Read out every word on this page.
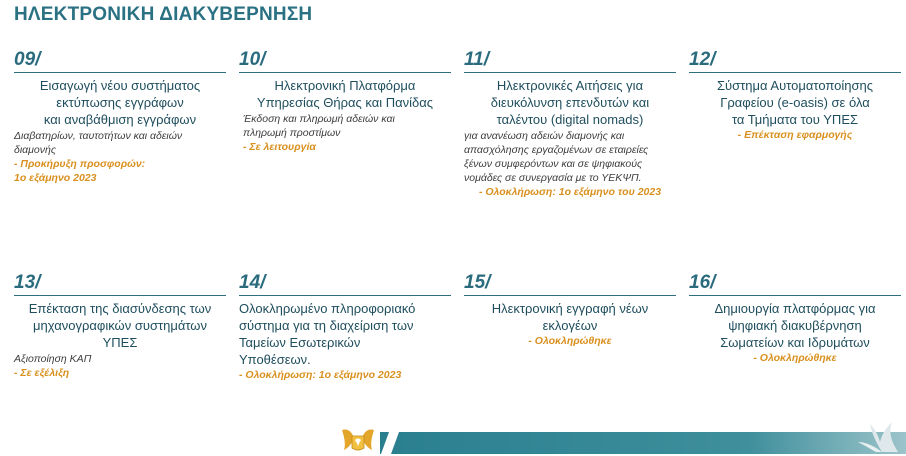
ΗΛΕΚΤΡΟΝΙΚΗ ΔΙΑΚΥΒΕΡΝΗΣΗ
09/
Εισαγωγή νέου συστήματος
εκτύπωσης εγγράφων
και αναβάθμιση εγγράφων
Διαβατηρίων, ταυτοτήτων και αδειών
διαμονής
- Προκήρυξη προσφορών:
1ο εξάμηνο 2023
10/
Ηλεκτρονική Πλατφόρμα
Υπηρεσίας Θήρας και Πανίδας
Έκδοση και πληρωμή αδειών και
πληρωμή προστίμων
- Σε λειτουργία
11/
Ηλεκτρονικές Αιτήσεις για
διευκόλυνση επενδυτών και
ταλέντου (digital nomads)
για ανανέωση αδειών διαμονής και
απασχόλησης εργαζομένων σε εταιρείες
ξένων συμφερόντων και σε ψηφιακούς
νομάδες σε συνεργασία με το ΥΕΚΨΠ.
- Ολοκλήρωση: 1ο εξάμηνο του 2023
12/
Σύστημα Αυτοματοποίησης
Γραφείου (e-oasis) σε όλα
τα Τμήματα του ΥΠΕΣ
- Επέκταση εφαρμογής
13/
Επέκταση της διασύνδεσης των
μηχανογραφικών συστημάτων
ΥΠΕΣ
Αξιοποίηση ΚΑΠ
- Σε εξέλιξη
14/
Ολοκληρωμένο πληροφοριακό
σύστημα για τη διαχείριση των
Ταμείων Εσωτερικών
Υποθέσεων.
- Ολοκλήρωση: 1ο εξάμηνο 2023
15/
Ηλεκτρονική εγγραφή νέων
εκλογέων
- Ολοκληρώθηκε
16/
Δημιουργία πλατφόρμας για
ψηφιακή διακυβέρνηση
Σωματείων και Ιδρυμάτων
- Ολοκληρώθηκε
